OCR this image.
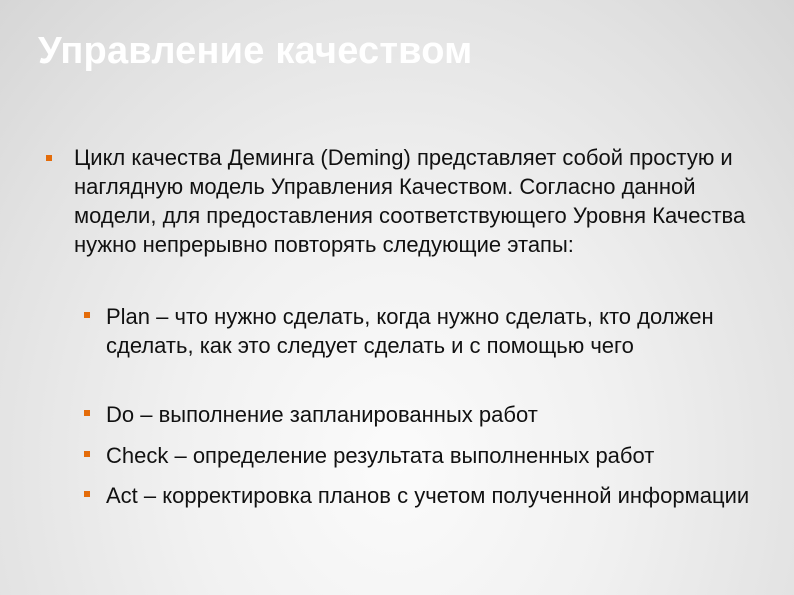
Управление качеством
Цикл качества Деминга (Deming) представляет собой простую и наглядную модель Управления Качеством. Согласно данной модели, для предоставления соответствующего Уровня Качества нужно непрерывно повторять следующие этапы:
Plan – что нужно сделать, когда нужно сделать, кто должен сделать, как это следует сделать и с помощью чего
Do – выполнение запланированных работ
Check – определение результата выполненных работ
Act – корректировка планов с учетом полученной информации
